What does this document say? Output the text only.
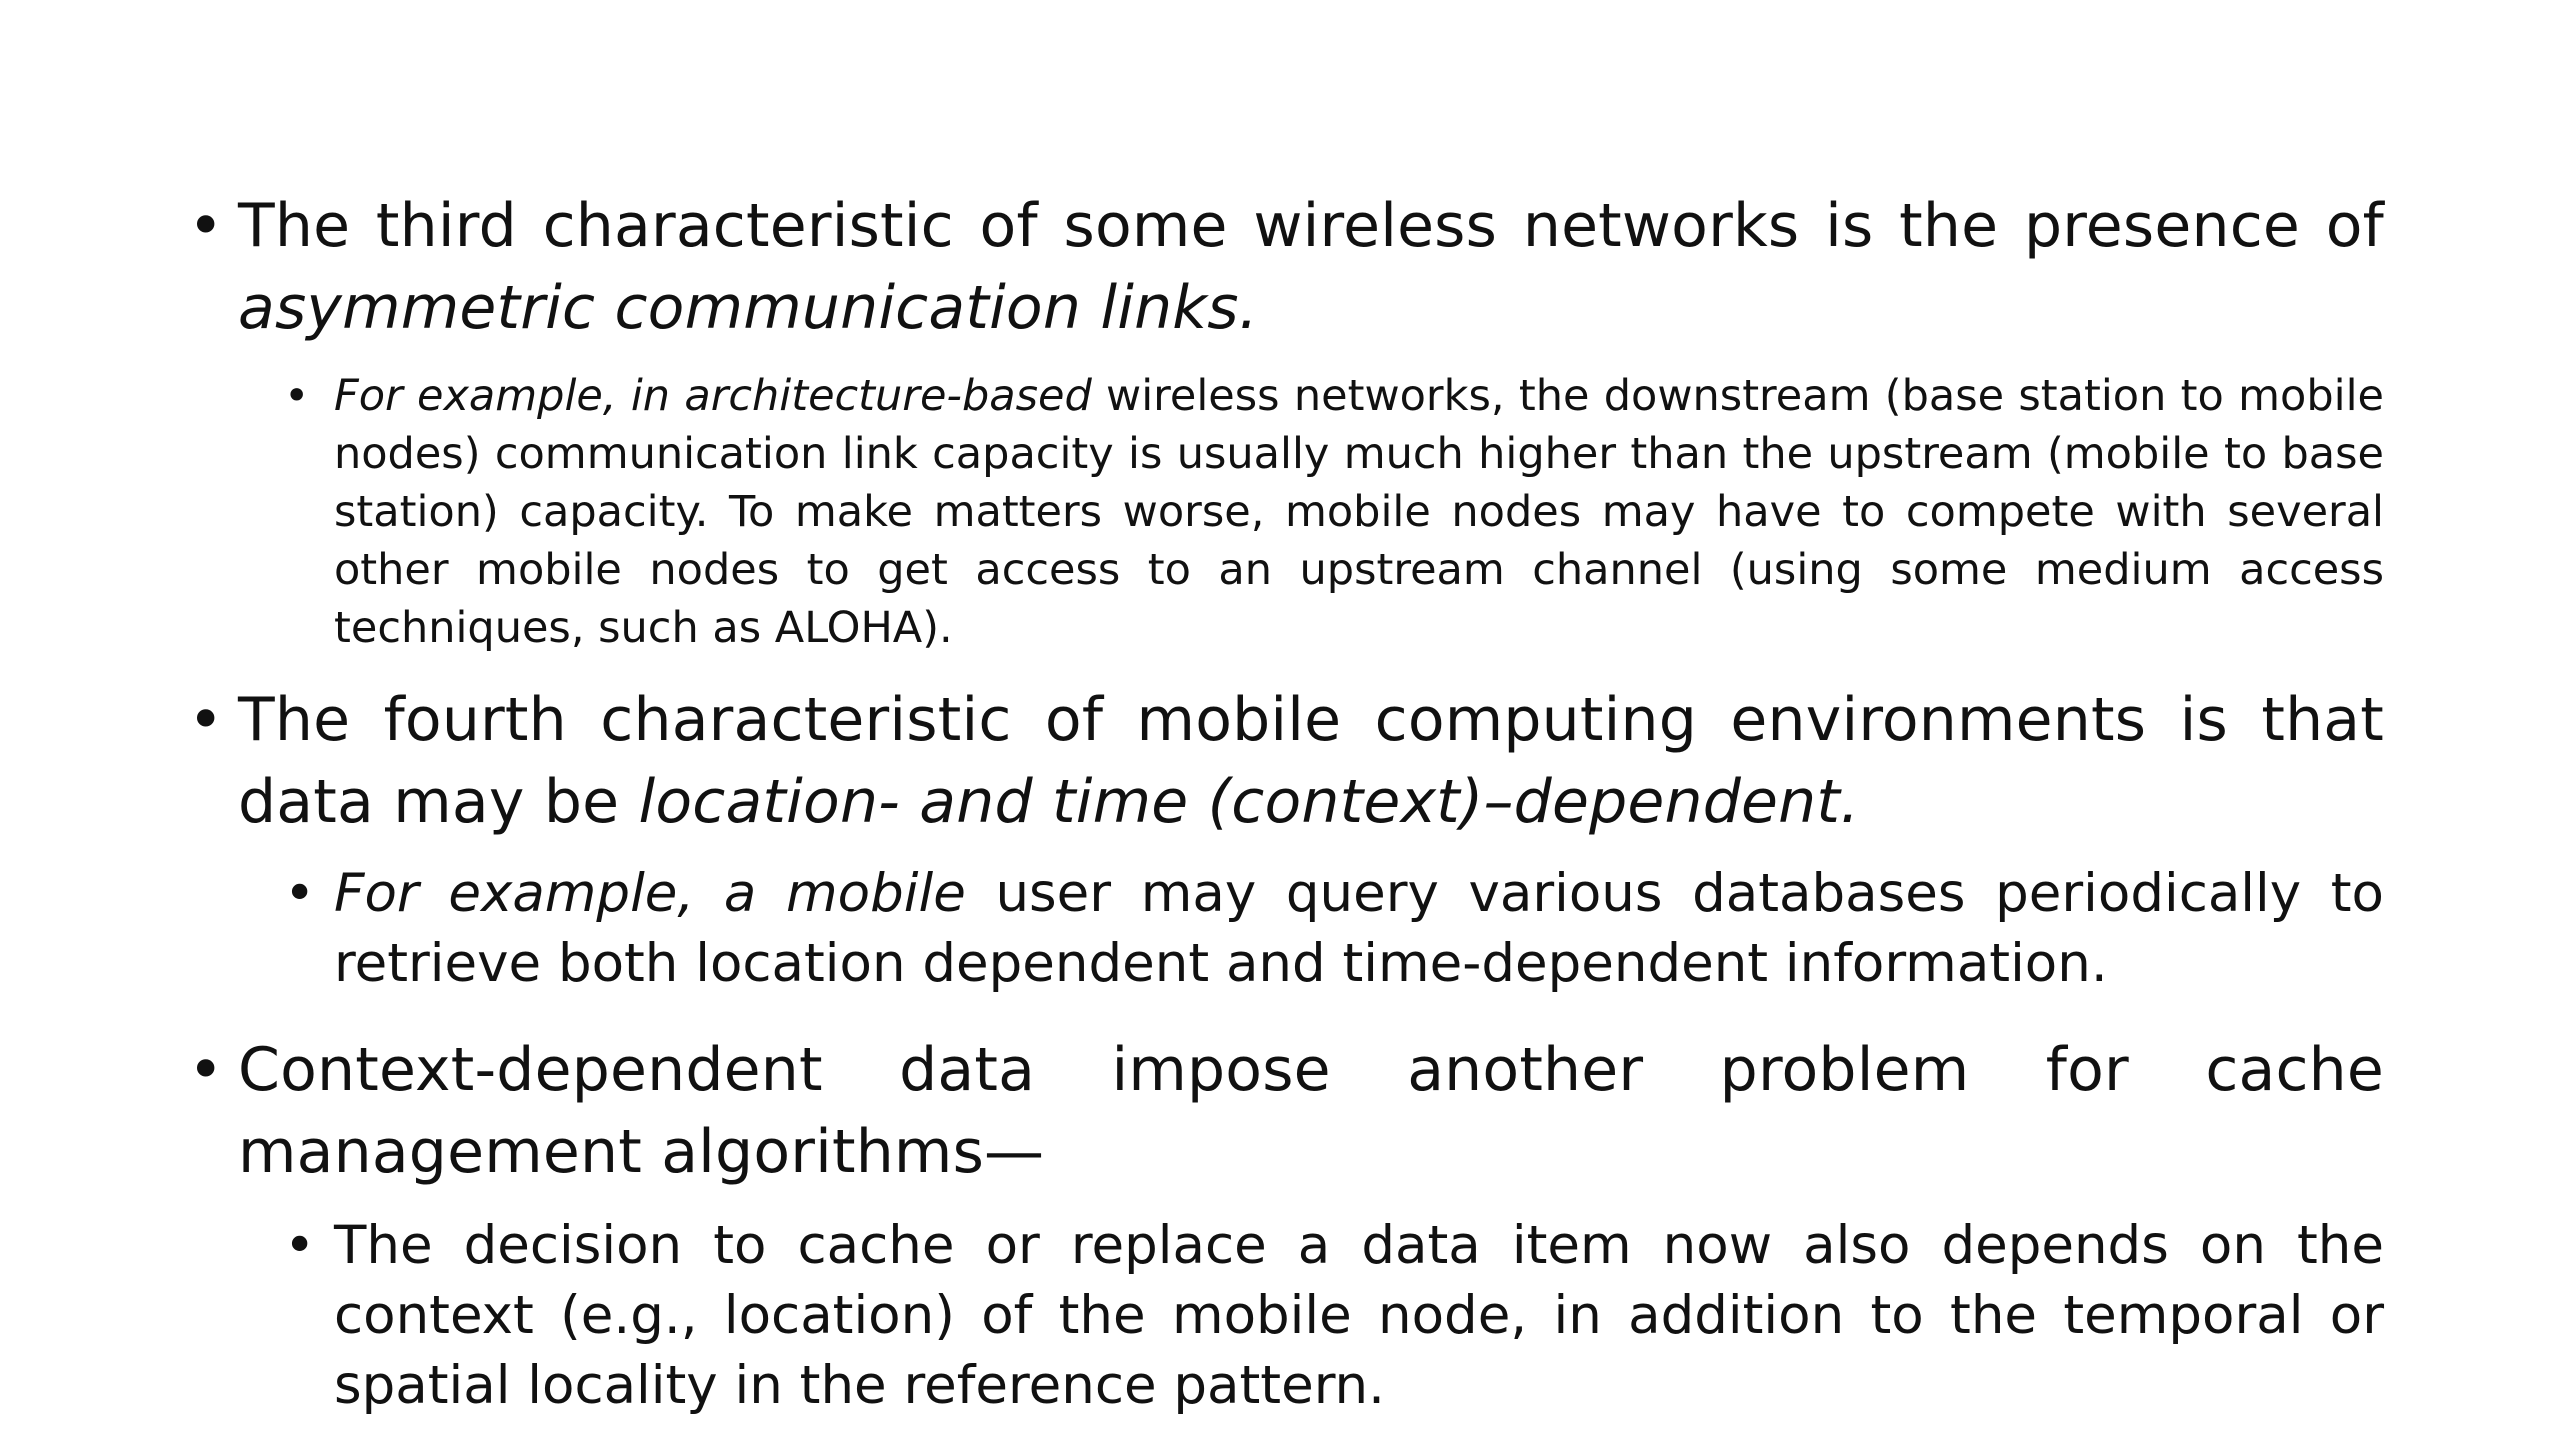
• The third characteristic of some wireless networks is the presence of asymmetric communication links.
• For example, in architecture-based wireless networks, the downstream (base station to mobile nodes) communication link capacity is usually much higher than the upstream (mobile to base station) capacity. To make matters worse, mobile nodes may have to compete with several other mobile nodes to get access to an upstream channel (using some medium access techniques, such as ALOHA).
• The fourth characteristic of mobile computing environments is that data may be location- and time (context)–dependent.
• For example, a mobile user may query various databases periodically to retrieve both location dependent and time-dependent information.
• Context-dependent data impose another problem for cache management algorithms—
• The decision to cache or replace a data item now also depends on the context (e.g., location) of the mobile node, in addition to the temporal or spatial locality in the reference pattern.
